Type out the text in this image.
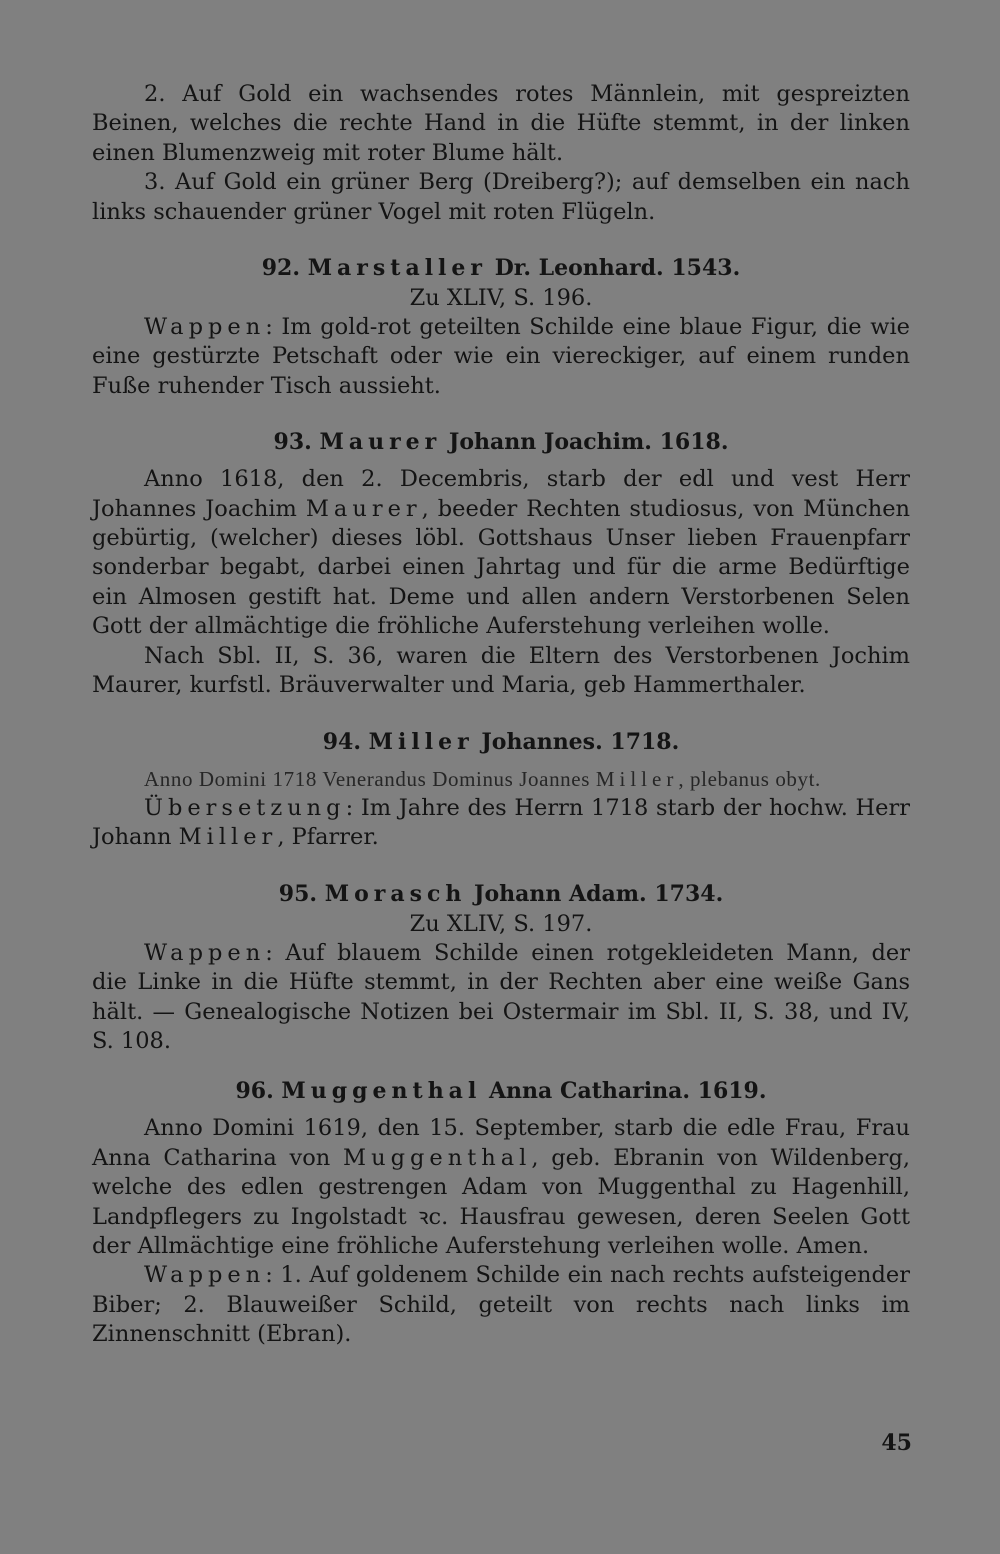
2. Auf Gold ein wachsendes rotes Männlein, mit gespreizten Beinen, welches die rechte Hand in die Hüfte stemmt, in der linken einen Blumenzweig mit roter Blume hält.

3. Auf Gold ein grüner Berg (Dreiberg?); auf demselben ein nach links schauender grüner Vogel mit roten Flügeln.

92. Marstaller Dr. Leonhard. 1543.

Zu XLIV, S. 196.

Wappen: Im gold-rot geteilten Schilde eine blaue Figur, die wie eine gestürzte Petschaft oder wie ein viereckiger, auf einem runden Fuße ruhender Tisch aussieht.

93. Maurer Johann Joachim. 1618.

Anno 1618, den 2. Decembris, starb der edl und vest Herr Johannes Joachim Maurer, beeder Rechten studiosus, von München gebürtig, (welcher) dieses löbl. Gottshaus Unser lieben Frauenpfarr sonderbar begabt, darbei einen Jahrtag und für die arme Bedürftige ein Almosen gestift hat. Deme und allen andern Verstorbenen Selen Gott der allmächtige die fröhliche Auferstehung verleihen wolle.

Nach Sbl. II, S. 36, waren die Eltern des Verstorbenen Jochim Maurer, kurfstl. Bräuverwalter und Maria, geb Hammerthaler.

94. Miller Johannes. 1718.

Anno Domini 1718 Venerandus Dominus Joannes Miller, plebanus obyt.

Übersetzung: Im Jahre des Herrn 1718 starb der hochw. Herr Johann Miller, Pfarrer.

95. Morasch Johann Adam. 1734.

Zu XLIV, S. 197.

Wappen: Auf blauem Schilde einen rotgekleideten Mann, der die Linke in die Hüfte stemmt, in der Rechten aber eine weiße Gans hält. — Genealogische Notizen bei Ostermair im Sbl. II, S. 38, und IV, S. 108.

96. Muggenthal Anna Catharina. 1619.

Anno Domini 1619, den 15. September, starb die edle Frau, Frau Anna Catharina von Muggenthal, geb. Ebranin von Wildenberg, welche des edlen gestrengen Adam von Muggenthal zu Hagenhill, Landpflegers zu Ingolstadt ꝛc. Hausfrau gewesen, deren Seelen Gott der Allmächtige eine fröhliche Auferstehung verleihen wolle. Amen.

Wappen: 1. Auf goldenem Schilde ein nach rechts aufsteigender Biber; 2. Blauweißer Schild, geteilt von rechts nach links im Zinnenschnitt (Ebran).

45
